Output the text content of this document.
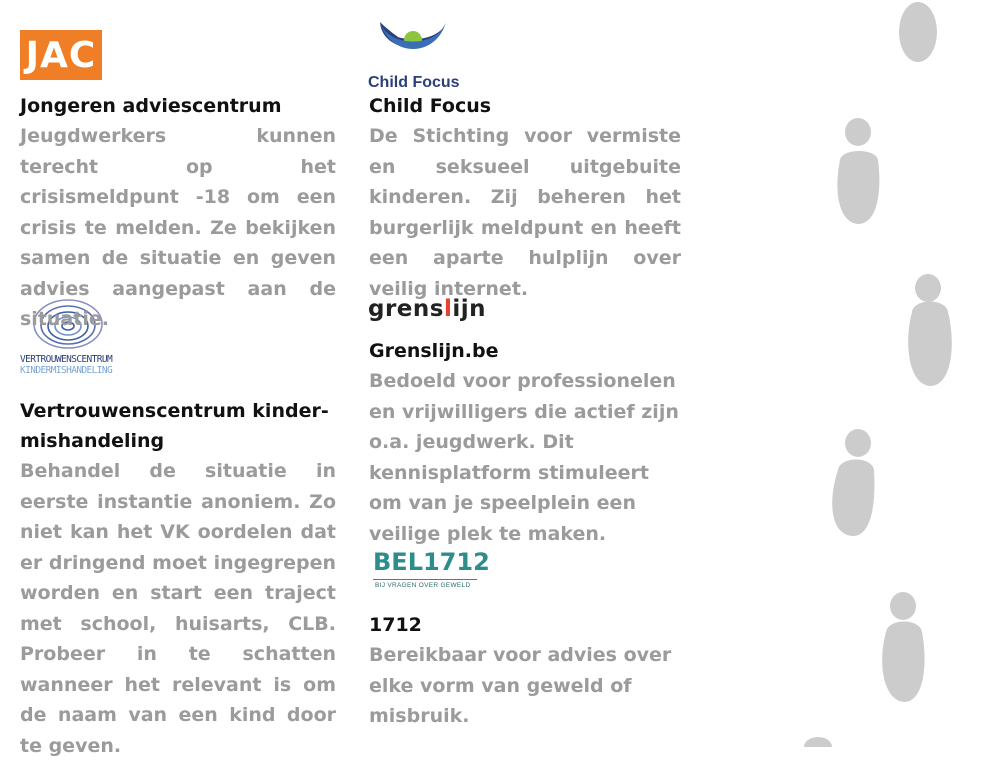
JAC
Child Focus
VERTROUWENSCENTRUM
KINDERMISHANDELING
grenslijn
BEL1712
BIJ VRAGEN OVER GEWELD

Jongeren adviescentrum

Jeugdwerkers kunnen terecht op het crisismeldpunt -18 om een crisis te melden. Ze bekijken samen de situatie en geven advies aangepast aan de situatie.

Vertrouwenscentrum kindermishandeling

Behandel de situatie in eerste instantie anoniem. Zo niet kan het VK oordelen dat er dringend moet ingegrepen worden en start een traject met school, huisarts, CLB. Probeer in te schatten wanneer het relevant is om de naam van een kind door te geven.

Child Focus

De Stichting voor vermiste en seksueel uitgebuite kinderen. Zij beheren het burgerlijk meldpunt en heeft een aparte hulplijn over veilig internet.

Grenslijn.be

Bedoeld voor professionelen en vrijwilligers die actief zijn o.a. jeugdwerk. Dit kennisplatform stimuleert om van je speelplein een veilige plek te maken.

1712

Bereikbaar voor advies over elke vorm van geweld of misbruik.
